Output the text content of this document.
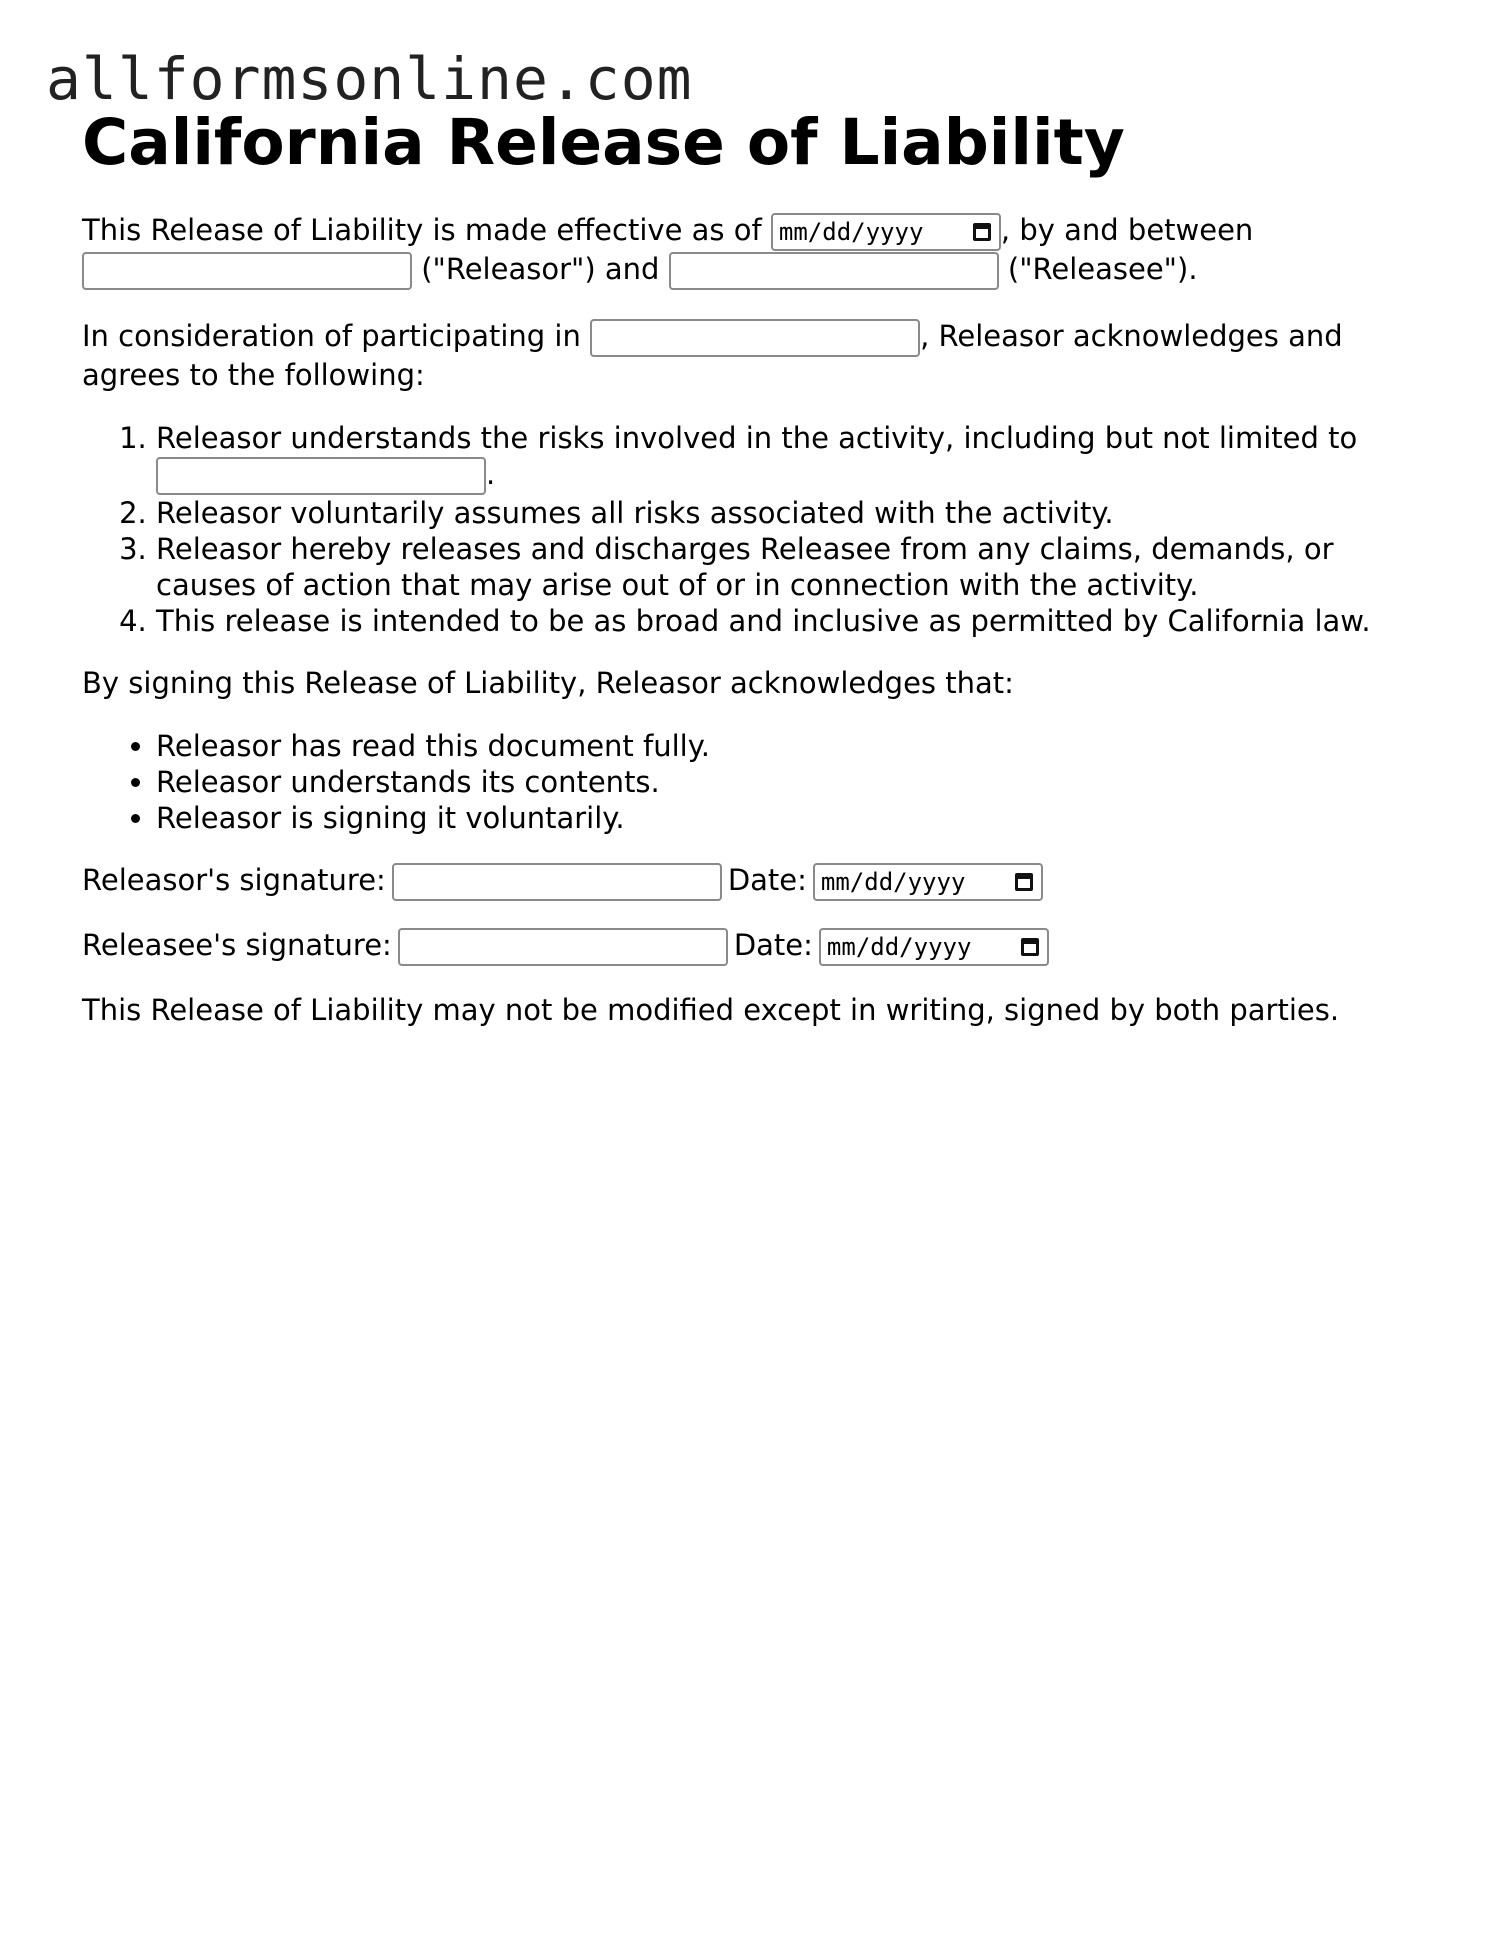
allformsonline.com
California Release of Liability

This Release of Liability is made effective as of mm/dd/yyyy	, by and between  ("Releasor") and	("Releasee").

In consideration of participating in	, Releasor acknowledges and agrees to the following:

1. Releasor understands the risks involved in the activity, including but not limited to .
2. Releasor voluntarily assumes all risks associated with the activity.
3. Releasor hereby releases and discharges Releasee from any claims, demands, or causes of action that may arise out of or in connection with the activity.
4. This release is intended to be as broad and inclusive as permitted by California law.

By signing this Release of Liability, Releasor acknowledges that:

• Releasor has read this document fully.
• Releasor understands its contents.
• Releasor is signing it voluntarily.

Releasor's signature:	Date: mm/dd/yyyy

Releasee's signature:	Date: mm/dd/yyyy

This Release of Liability may not be modified except in writing, signed by both parties.
